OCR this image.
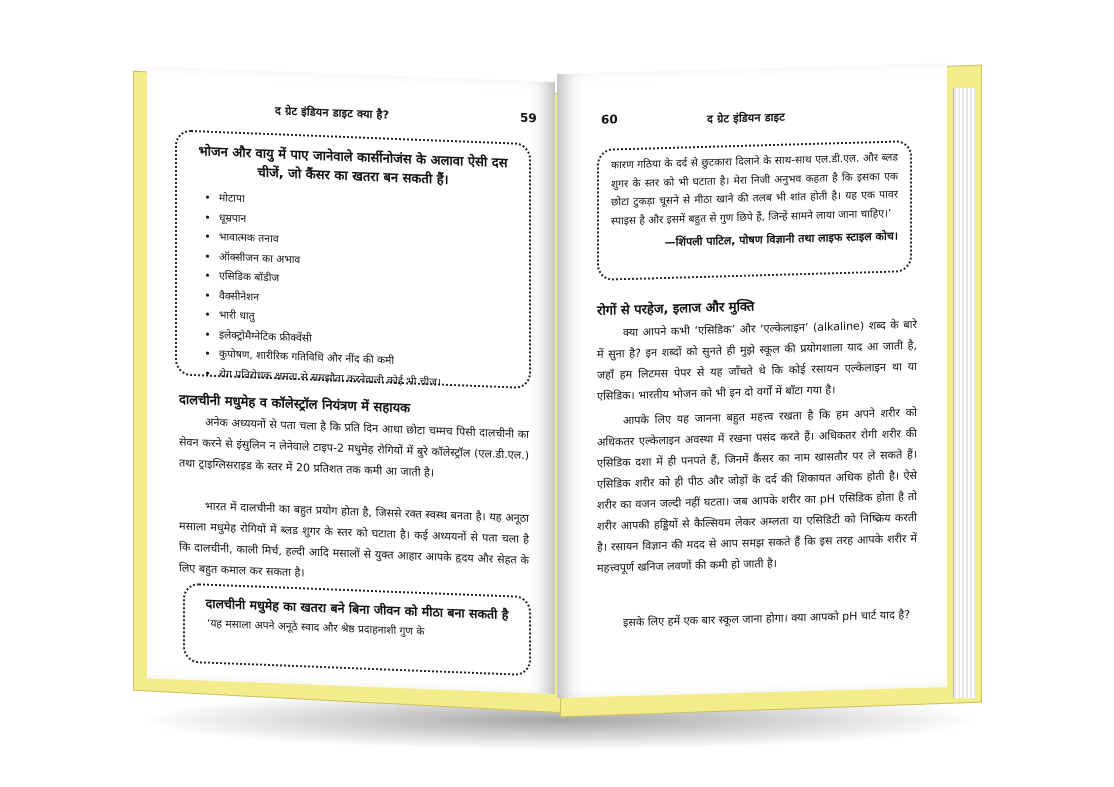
द ग्रेट इंडियन डाइट क्या है?	59
भोजन और वायु में पाए जानेवाले कार्सीनोजंस के अलावा ऐसी दस चीजें, जो कैंसर का खतरा बन सकती हैं।
• मोटापा
• धूम्रपान
• भावात्मक तनाव
• ऑक्सीजन का अभाव
• एसिडिक बॉडीज
• वैक्सीनेशन
• भारी धातु
• इलेक्ट्रोमैग्नेटिक फ्रीक्वेंसी
• कुपोषण, शारीरिक गतिविधि और नींद की कमी
• रोग प्रतिरोधक क्षमता से समझौता करनेवाली कोई भी चीज।
दालचीनी मधुमेह व कॉलेस्ट्रॉल नियंत्रण में सहायक
अनेक अध्ययनों से पता चला है कि प्रति दिन आधा छोटा चम्मच पिसी दालचीनी का सेवन करने से इंसुलिन न लेनेवाले टाइप-2 मधुमेह रोगियों में बुरे कॉलेस्ट्रॉल (एल.डी.एल.) तथा ट्राइग्लिसराइड के स्तर में 20 प्रतिशत तक कमी आ जाती है।
भारत में दालचीनी का बहुत प्रयोग होता है, जिससे रक्त स्वस्थ बनता है। यह अनूठा मसाला मधुमेह रोगियों में ब्लड शुगर के स्तर को घटाता है। कई अध्ययनों से पता चला है कि दालचीनी, काली मिर्च, हल्दी आदि मसालों से युक्त आहार आपके हृदय और सेहत के लिए बहुत कमाल कर सकता है।
दालचीनी मधुमेह का खतरा बने बिना जीवन को मीठा बना सकती है
‘यह मसाला अपने अनूठे स्वाद और श्रेष्ठ प्रदाहनाशी गुण के
60	द ग्रेट इंडियन डाइट
कारण गठिया के दर्द से छुटकारा दिलाने के साथ-साथ एल.डी.एल. और ब्लड शुगर के स्तर को भी घटाता है। मेरा निजी अनुभव कहता है कि इसका एक छोटा टुकड़ा चूसने से मीठा खाने की तलब भी शांत होती है। यह एक पावर स्पाइस है और इसमें बहुत से गुण छिपे हैं, जिन्हें सामने लाया जाना चाहिए।’
—शिंपली पाटिल, पोषण विज्ञानी तथा लाइफ स्टाइल कोच।
रोगों से परहेज, इलाज और मुक्ति
क्या आपने कभी ‘एसिडिक’ और ‘एल्केलाइन’ (alkaline) शब्द के बारे में सुना है? इन शब्दों को सुनते ही मुझे स्कूल की प्रयोगशाला याद आ जाती है, जहाँ हम लिटमस पेपर से यह जाँचते थे कि कोई रसायन एल्केलाइन था या एसिडिक। भारतीय भोजन को भी इन दो वर्गों में बाँटा गया है।
आपके लिए यह जानना बहुत महत्त्व रखता है कि हम अपने शरीर को अधिकतर एल्केलाइन अवस्था में रखना पसंद करते हैं। अधिकतर रोगी शरीर की एसिडिक दशा में ही पनपते हैं, जिनमें कैंसर का नाम खासतौर पर ले सकते हैं। एसिडिक शरीर को ही पीठ और जोड़ों के दर्द की शिकायत अधिक होती है। ऐसे शरीर का वजन जल्दी नहीं घटता। जब आपके शरीर का pH एसिडिक होता है तो शरीर आपकी हड्डियों से कैल्सियम लेकर अम्लता या एसिडिटी को निष्क्रिय करती है। रसायन विज्ञान की मदद से आप समझ सकते हैं कि इस तरह आपके शरीर में महत्त्वपूर्ण खनिज लवणों की कमी हो जाती है।
इसके लिए हमें एक बार स्कूल जाना होगा। क्या आपको pH चार्ट याद है?
